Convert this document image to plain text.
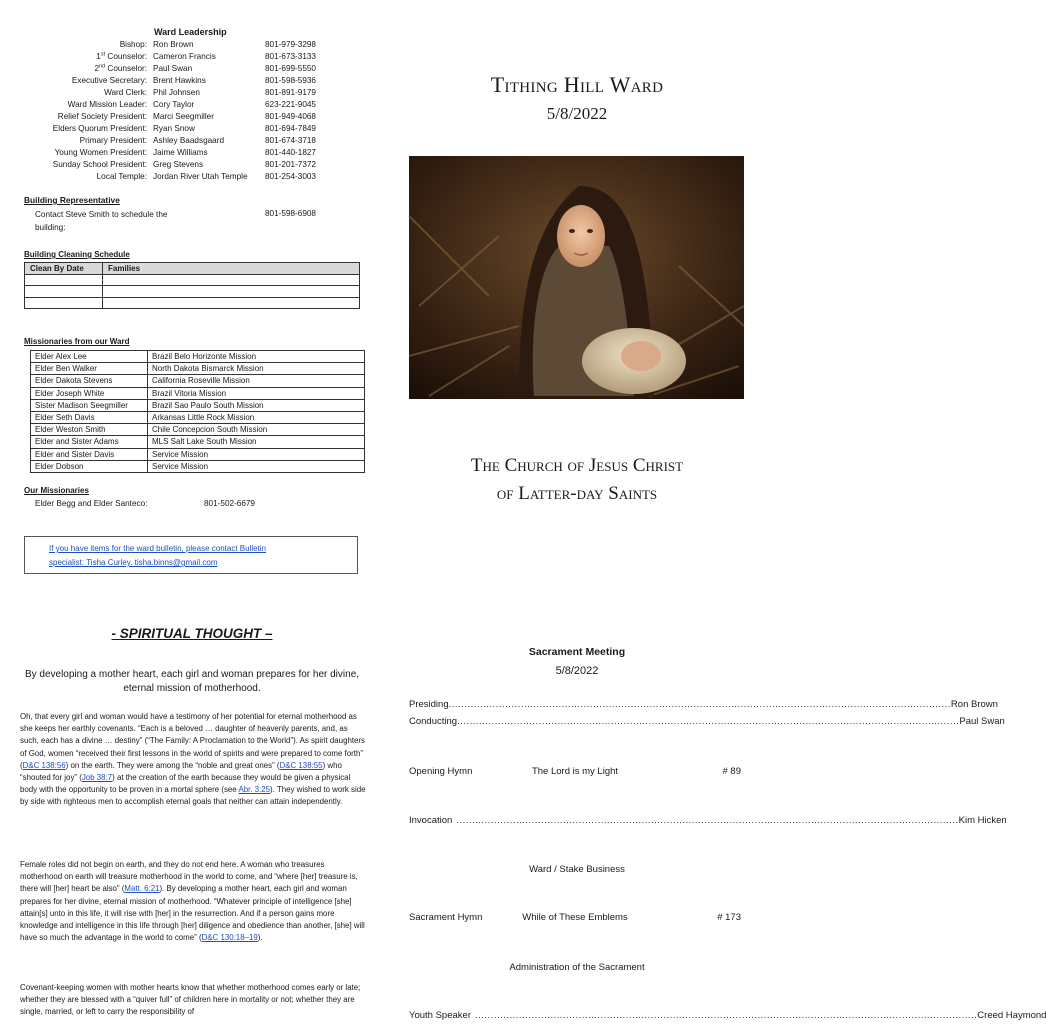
Ward Leadership
Bishop: Ron Brown	801-979-3298
1st Counselor: Cameron Francis	801-673-3133
2nd Counselor: Paul Swan	801-699-5550
Executive Secretary: Brent Hawkins	801-598-5936
Ward Clerk: Phil Johnsen	801-891-9179
Ward Mission Leader: Cory Taylor	623-221-9045
Relief Society President: Marci Seegmiller	801-949-4068
Elders Quorum President: Ryan Snow	801-694-7849
Primary President: Ashley Baadsgaard	801-674-3718
Young Women President: Jaime Williams	801-440-1827
Sunday School President: Greg Stevens	801-201-7372
Local Temple: Jordan River Utah Temple 801-254-3003
Building Representative
Contact Steve Smith to schedule the
building:
801-598-6908
Building Cleaning Schedule
Clean By Date	Families

Missionaries from our Ward
Elder Alex Lee	Brazil Belo Horizonte Mission
Elder Ben Walker	North Dakota Bismarck Mission
Elder Dakota Stevens	California Roseville Mission
Elder Joseph White	Brazil Vitoria Mission
Sister Madison Seegmiller	Brazil Sao Paulo South Mission
Elder Seth Davis	Arkansas Little Rock Mission
Elder Weston Smith	Chile Concepcion South Mission
Elder and Sister Adams	MLS Salt Lake South Mission
Elder and Sister Davis	Service Mission
Elder Dobson	Service Mission
Our Missionaries
Elder Begg and Elder Santeco:	801-502-6679
If you have items for the ward bulletin, please contact Bulletin
specialist: Tisha Curley. tisha.binns@gmail.com
- SPIRITUAL THOUGHT –
By developing a mother heart, each girl and woman prepares for her divine, eternal mission of motherhood.
Oh, that every girl and woman would have a testimony of her potential for eternal motherhood as she keeps her earthly covenants. “Each is a beloved … daughter of heavenly parents, and, as such, each has a divine … destiny” (“The Family: A Proclamation to the World”). As spirit daughters of God, women “received their first lessons in the world of spirits and were prepared to come forth” (D&C 138:56) on the earth. They were among the “noble and great ones” (D&C 138:55) who “shouted for joy” (Job 38:7) at the creation of the earth because they would be given a physical body with the opportunity to be proven in a mortal sphere (see Abr. 3:25). They wished to work side by side with righteous men to accomplish eternal goals that neither can attain independently.
Female roles did not begin on earth, and they do not end here. A woman who treasures motherhood on earth will treasure motherhood in the world to come, and “where [her] treasure is, there will [her] heart be also” (Matt. 6:21). By developing a mother heart, each girl and woman prepares for her divine, eternal mission of motherhood. “Whatever principle of intelligence [she] attain[s] unto in this life, it will rise with [her] in the resurrection. And if a person gains more knowledge and intelligence in this life through [her] diligence and obedience than another, [she] will have so much the advantage in the world to come” (D&C 130:18–19).
Covenant-keeping women with mother hearts know that whether motherhood comes early or late; whether they are blessed with a “quiver full” of children here in mortality or not; whether they are single, married, or left to carry the responsibility of
Tithing Hill Ward
5/8/2022
The Church of Jesus Christ
of Latter-day Saints
Sacrament Meeting
5/8/2022
Presiding ................................................................................................................................................................ Ron Brown
Conducting ................................................................................................................................................................ Paul Swan
Opening Hymn	The Lord is my Light	# 89
Invocation ................................................................................................................................................................ Kim Hicken
Ward / Stake Business
Sacrament Hymn	While of These Emblems	# 173
Administration of the Sacrament
Youth Speaker ................................................................................................................................................................ Creed Haymond
